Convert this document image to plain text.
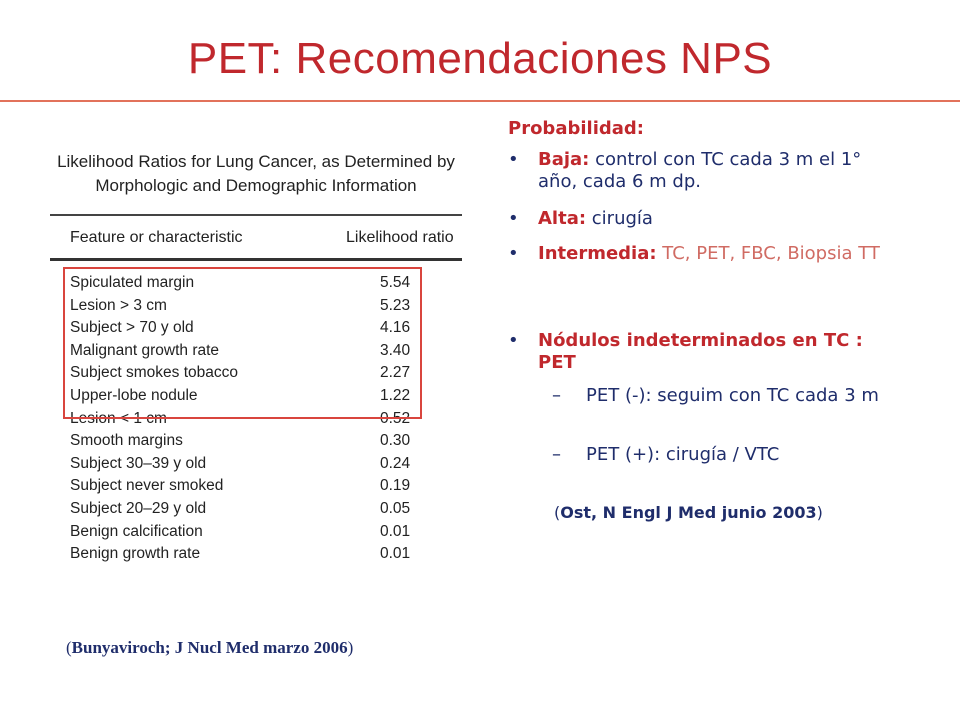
PET: Recomendaciones NPS
Likelihood Ratios for Lung Cancer, as Determined by
Morphologic and Demographic Information
Feature or characteristic	Likelihood ratio
Spiculated margin	5.54
Lesion > 3 cm	5.23
Subject > 70 y old	4.16
Malignant growth rate	3.40
Subject smokes tobacco	2.27
Upper-lobe nodule	1.22
Lesion < 1 cm	0.52
Smooth margins	0.30
Subject 30–39 y old	0.24
Subject never smoked	0.19
Subject 20–29 y old	0.05
Benign calcification	0.01
Benign growth rate	0.01
(Bunyaviroch; J Nucl Med marzo 2006)
Probabilidad:
• Baja: control con TC cada 3 m el 1° año, cada 6 m dp.
• Alta: cirugía
• Intermedia: TC, PET, FBC, Biopsia TT
• Nódulos indeterminados en TC : PET
– PET (-): seguim con TC cada 3 m
– PET (+): cirugía / VTC
(Ost, N Engl J Med junio 2003)
